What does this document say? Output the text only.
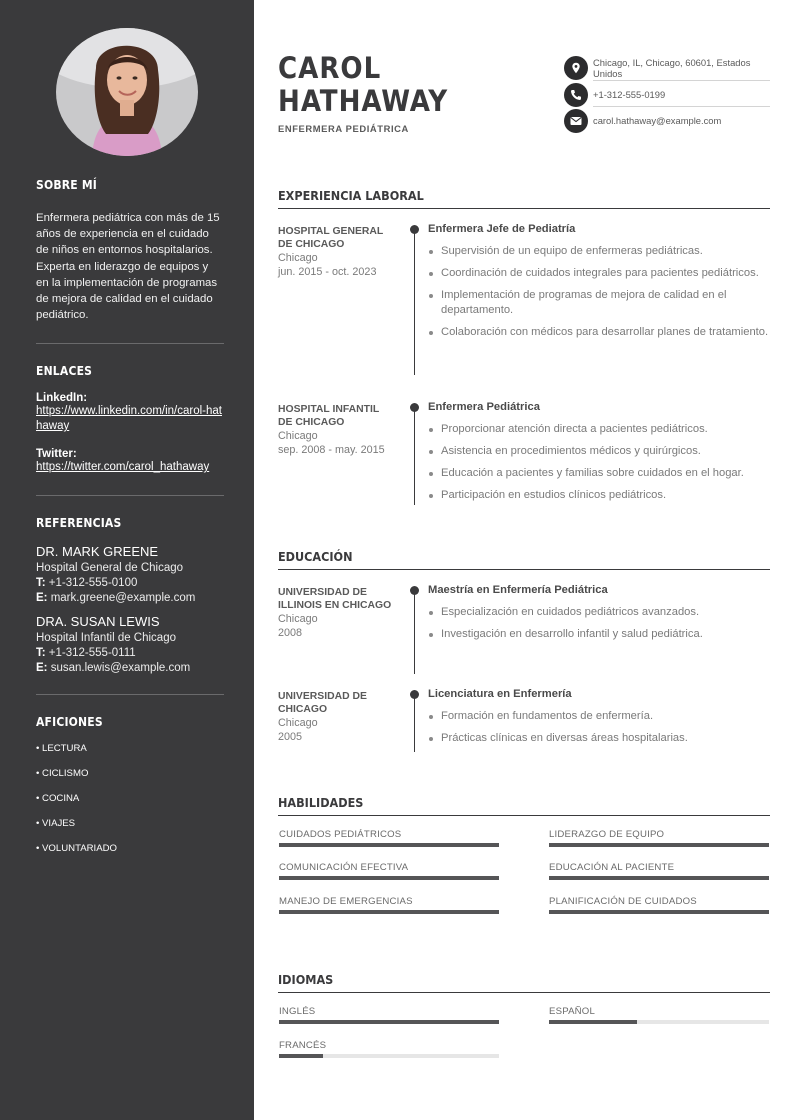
SOBRE MÍ
Enfermera pediátrica con más de 15 años de experiencia en el cuidado de niños en entornos hospitalarios. Experta en liderazgo de equipos y en la implementación de programas de mejora de calidad en el cuidado pediátrico.
ENLACES
LinkedIn:
https://www.linkedin.com/in/carol-hathaway
Twitter:
https://twitter.com/carol_hathaway
REFERENCIAS
DR. MARK GREENE
Hospital General de Chicago
T: +1-312-555-0100
E: mark.greene@example.com
DRA. SUSAN LEWIS
Hospital Infantil de Chicago
T: +1-312-555-0111
E: susan.lewis@example.com
AFICIONES
• LECTURA
• CICLISMO
• COCINA
• VIAJES
• VOLUNTARIADO
CAROL
HATHAWAY
ENFERMERA PEDIÁTRICA
Chicago, IL, Chicago, 60601, Estados Unidos
+1-312-555-0199
carol.hathaway@example.com
EXPERIENCIA LABORAL
HOSPITAL GENERAL DE CHICAGO
Chicago
jun. 2015 - oct. 2023
Enfermera Jefe de Pediatría
Supervisión de un equipo de enfermeras pediátricas.
Coordinación de cuidados integrales para pacientes pediátricos.
Implementación de programas de mejora de calidad en el departamento.
Colaboración con médicos para desarrollar planes de tratamiento.
HOSPITAL INFANTIL DE CHICAGO
Chicago
sep. 2008 - may. 2015
Enfermera Pediátrica
Proporcionar atención directa a pacientes pediátricos.
Asistencia en procedimientos médicos y quirúrgicos.
Educación a pacientes y familias sobre cuidados en el hogar.
Participación en estudios clínicos pediátricos.
EDUCACIÓN
UNIVERSIDAD DE ILLINOIS EN CHICAGO
Chicago
2008
Maestría en Enfermería Pediátrica
Especialización en cuidados pediátricos avanzados.
Investigación en desarrollo infantil y salud pediátrica.
UNIVERSIDAD DE CHICAGO
Chicago
2005
Licenciatura en Enfermería
Formación en fundamentos de enfermería.
Prácticas clínicas en diversas áreas hospitalarias.
HABILIDADES
CUIDADOS PEDIÁTRICOS	LIDERAZGO DE EQUIPO
COMUNICACIÓN EFECTIVA	EDUCACIÓN AL PACIENTE
MANEJO DE EMERGENCIAS	PLANIFICACIÓN DE CUIDADOS
IDIOMAS
INGLÉS	ESPAÑOL
FRANCÉS
